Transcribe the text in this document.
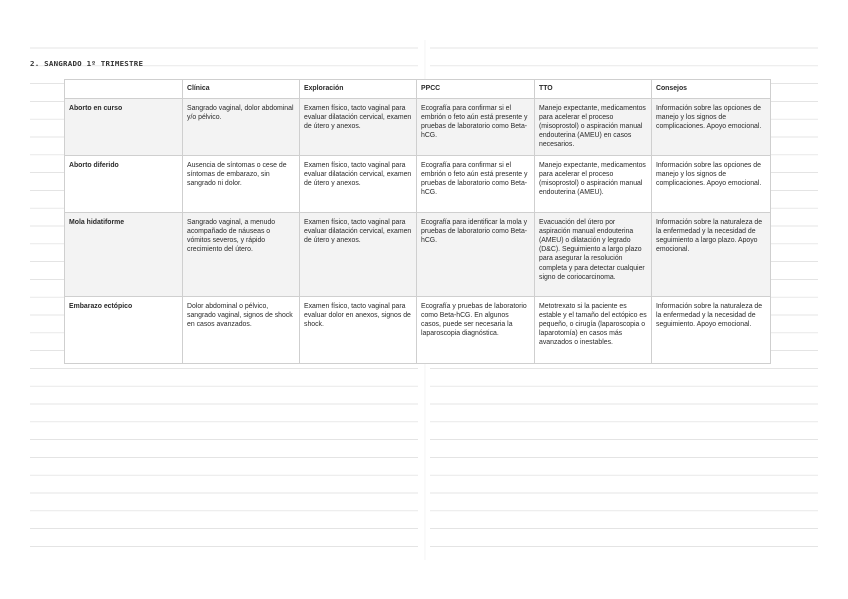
2. SANGRADO 1º TRIMESTRE
	Clínica	Exploración	PPCC	TTO	Consejos
Aborto en curso	Sangrado vaginal, dolor abdominal y/o pélvico.	Examen físico, tacto vaginal para evaluar dilatación cervical, examen de útero y anexos.	Ecografía para confirmar si el embrión o feto aún está presente y pruebas de laboratorio como Beta-hCG.	Manejo expectante, medicamentos para acelerar el proceso (misoprostol) o aspiración manual endouterina (AMEU) en casos necesarios.	Información sobre las opciones de manejo y los signos de complicaciones. Apoyo emocional.
Aborto diferido	Ausencia de síntomas o cese de síntomas de embarazo, sin sangrado ni dolor.	Examen físico, tacto vaginal para evaluar dilatación cervical, examen de útero y anexos.	Ecografía para confirmar si el embrión o feto aún está presente y pruebas de laboratorio como Beta-hCG.	Manejo expectante, medicamentos para acelerar el proceso (misoprostol) o aspiración manual endouterina (AMEU).	Información sobre las opciones de manejo y los signos de complicaciones. Apoyo emocional.
Mola hidatiforme	Sangrado vaginal, a menudo acompañado de náuseas o vómitos severos, y rápido crecimiento del útero.	Examen físico, tacto vaginal para evaluar dilatación cervical, examen de útero y anexos.	Ecografía para identificar la mola y pruebas de laboratorio como Beta-hCG.	Evacuación del útero por aspiración manual endouterina (AMEU) o dilatación y legrado (D&C). Seguimiento a largo plazo para asegurar la resolución completa y para detectar cualquier signo de coriocarcinoma.	Información sobre la naturaleza de la enfermedad y la necesidad de seguimiento a largo plazo. Apoyo emocional.
Embarazo ectópico	Dolor abdominal o pélvico, sangrado vaginal, signos de shock en casos avanzados.	Examen físico, tacto vaginal para evaluar dolor en anexos, signos de shock.	Ecografía y pruebas de laboratorio como Beta-hCG. En algunos casos, puede ser necesaria la laparoscopia diagnóstica.	Metotrexato si la paciente es estable y el tamaño del ectópico es pequeño, o cirugía (laparoscopia o laparotomía) en casos más avanzados o inestables.	Información sobre la naturaleza de la enfermedad y la necesidad de seguimiento. Apoyo emocional.
